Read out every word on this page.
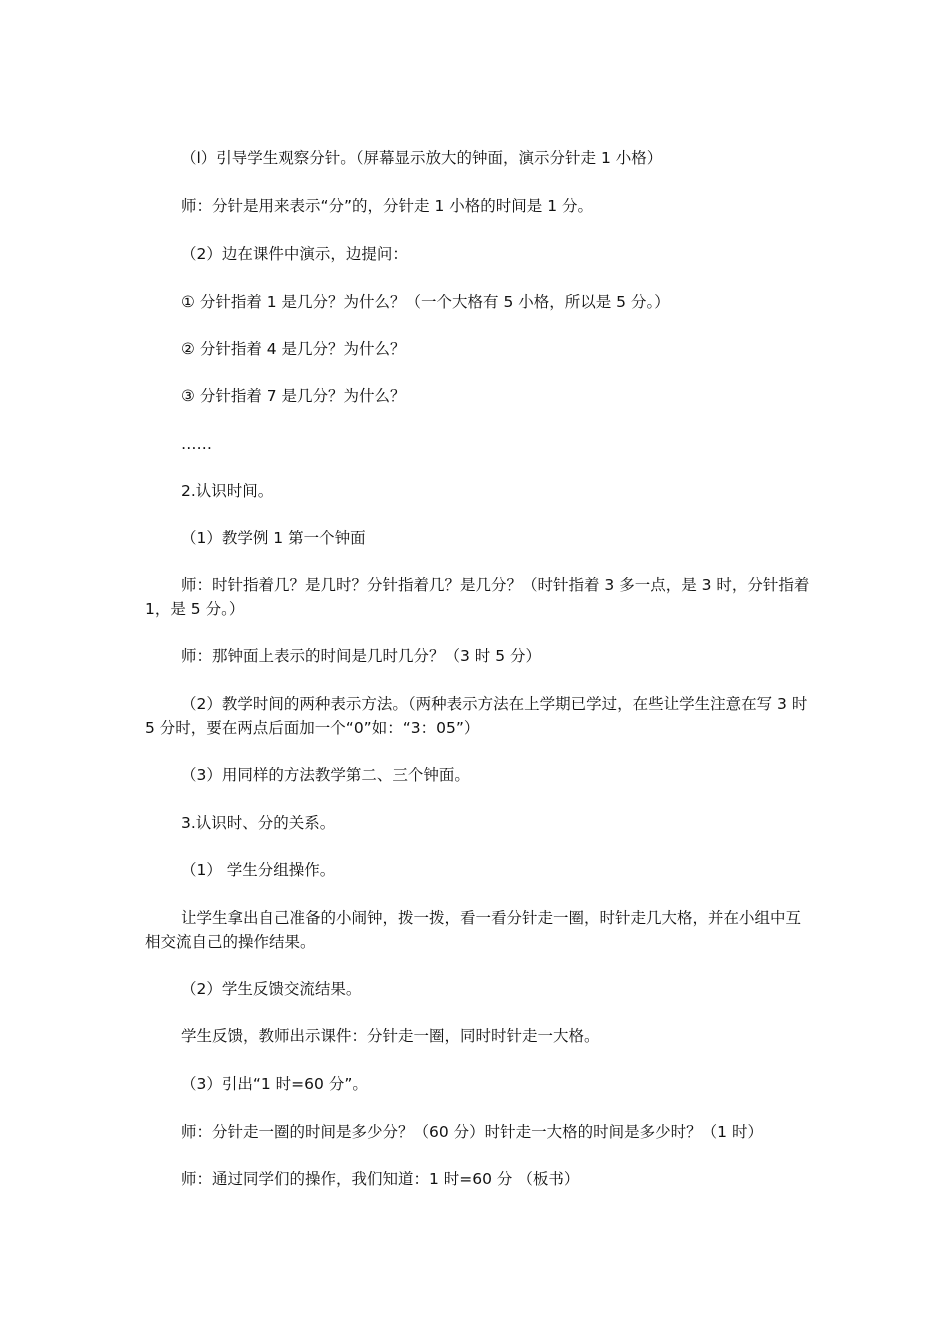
（l）引导学生观察分针。（屏幕显示放大的钟面，演示分针走 1 小格）

师：分针是用来表示“分”的，分针走 1 小格的时间是 1 分。

（2）边在课件中演示，边提问：

① 分针指着 1 是几分？为什么？（一个大格有 5 小格，所以是 5 分。）

② 分针指着 4 是几分？为什么？

③ 分针指着 7 是几分？为什么？

……

2.认识时间。

（1）教学例 1 第一个钟面

师：时针指着几？是几时？分针指着几？是几分？（时针指着 3 多一点，是 3 时，分针指着 1，是 5 分。）

师：那钟面上表示的时间是几时几分？（3 时 5 分）

（2）教学时间的两种表示方法。（两种表示方法在上学期已学过，在些让学生注意在写 3 时 5 分时，要在两点后面加一个“0”如：“3：05”）

（3）用同样的方法教学第二、三个钟面。

3.认识时、分的关系。

（1） 学生分组操作。

让学生拿出自己准备的小闹钟，拨一拨，看一看分针走一圈，时针走几大格，并在小组中互相交流自己的操作结果。

（2）学生反馈交流结果。

学生反馈，教师出示课件：分针走一圈，同时时针走一大格。

（3）引出“1 时=60 分”。

师：分针走一圈的时间是多少分？（60 分）时针走一大格的时间是多少时？（1 时）

师：通过同学们的操作，我们知道：1 时=60 分 （板书）
